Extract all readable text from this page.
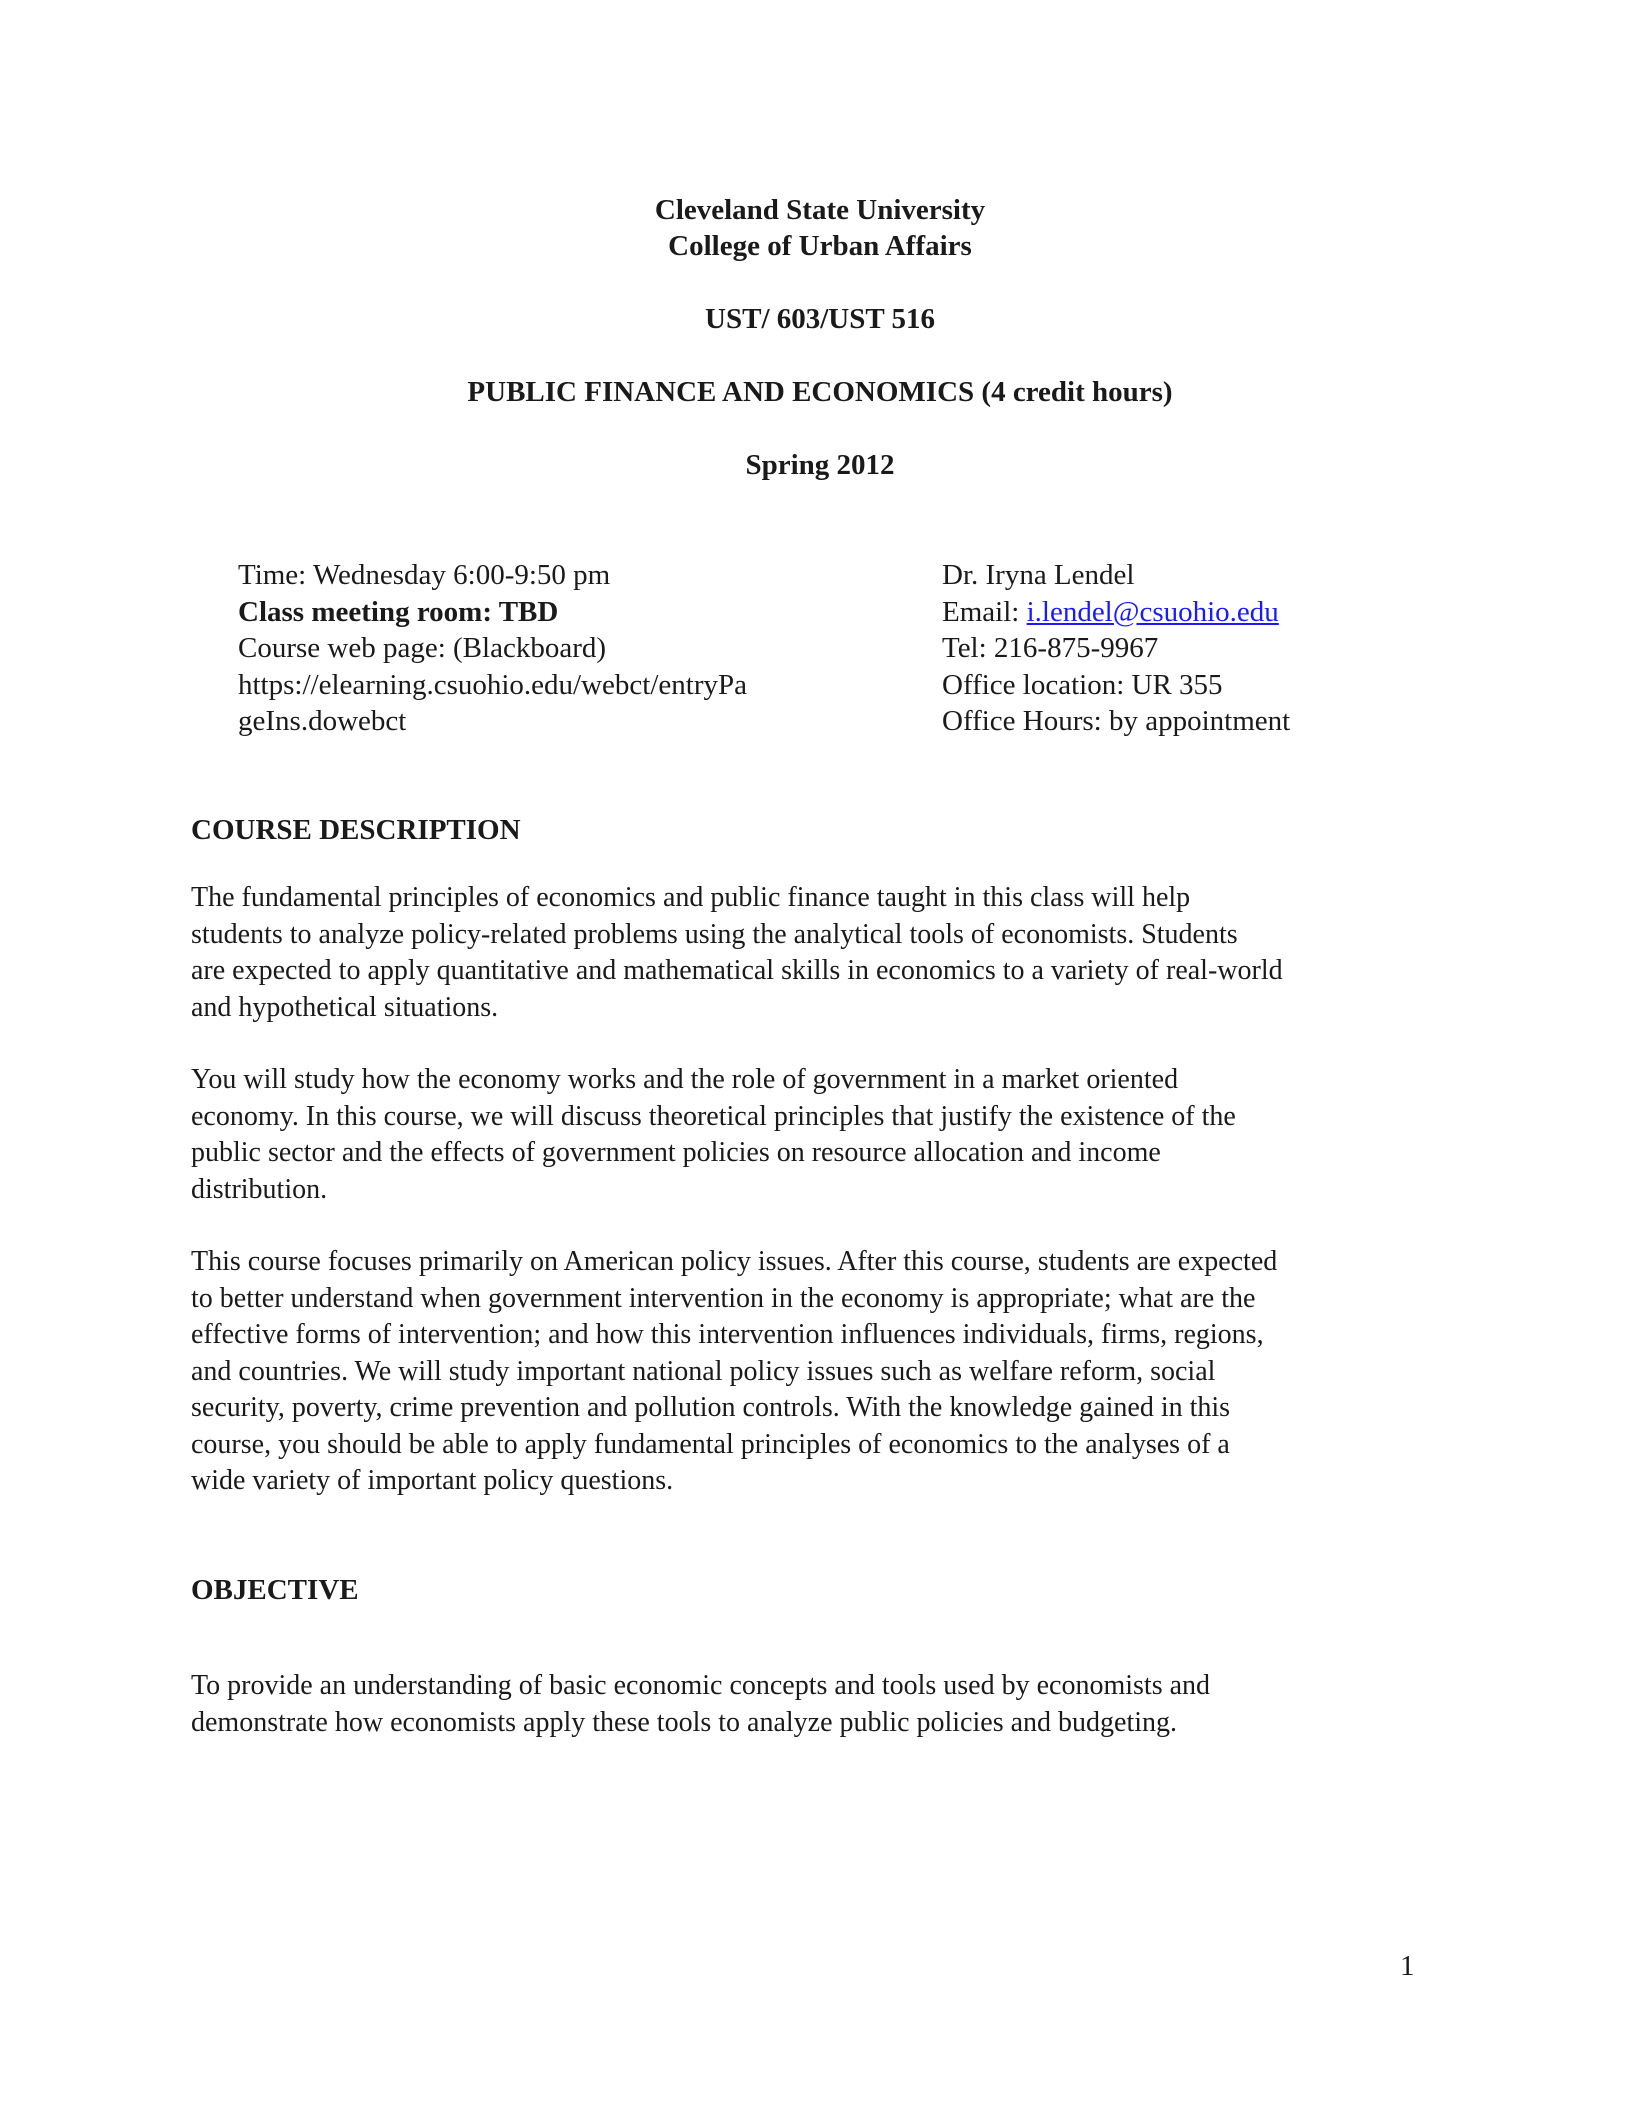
Cleveland State University
College of Urban Affairs
UST/ 603/UST 516
PUBLIC FINANCE AND ECONOMICS (4 credit hours)
Spring 2012
Time: Wednesday 6:00-9:50 pm
Class meeting room: TBD
Course web page: (Blackboard)
https://elearning.csuohio.edu/webct/entryPa
geIns.dowebct
Dr. Iryna Lendel
Email: i.lendel@csuohio.edu
Tel: 216-875-9967
Office location: UR 355
Office Hours: by appointment
COURSE DESCRIPTION
The fundamental principles of economics and public finance taught in this class will help
students to analyze policy-related problems using the analytical tools of economists. Students
are expected to apply quantitative and mathematical skills in economics to a variety of real-world
and hypothetical situations.
You will study how the economy works and the role of government in a market oriented
economy. In this course, we will discuss theoretical principles that justify the existence of the
public sector and the effects of government policies on resource allocation and income
distribution.
This course focuses primarily on American policy issues. After this course, students are expected
to better understand when government intervention in the economy is appropriate; what are the
effective forms of intervention; and how this intervention influences individuals, firms, regions,
and countries. We will study important national policy issues such as welfare reform, social
security, poverty, crime prevention and pollution controls. With the knowledge gained in this
course, you should be able to apply fundamental principles of economics to the analyses of a
wide variety of important policy questions.
OBJECTIVE
To provide an understanding of basic economic concepts and tools used by economists and
demonstrate how economists apply these tools to analyze public policies and budgeting.
1
